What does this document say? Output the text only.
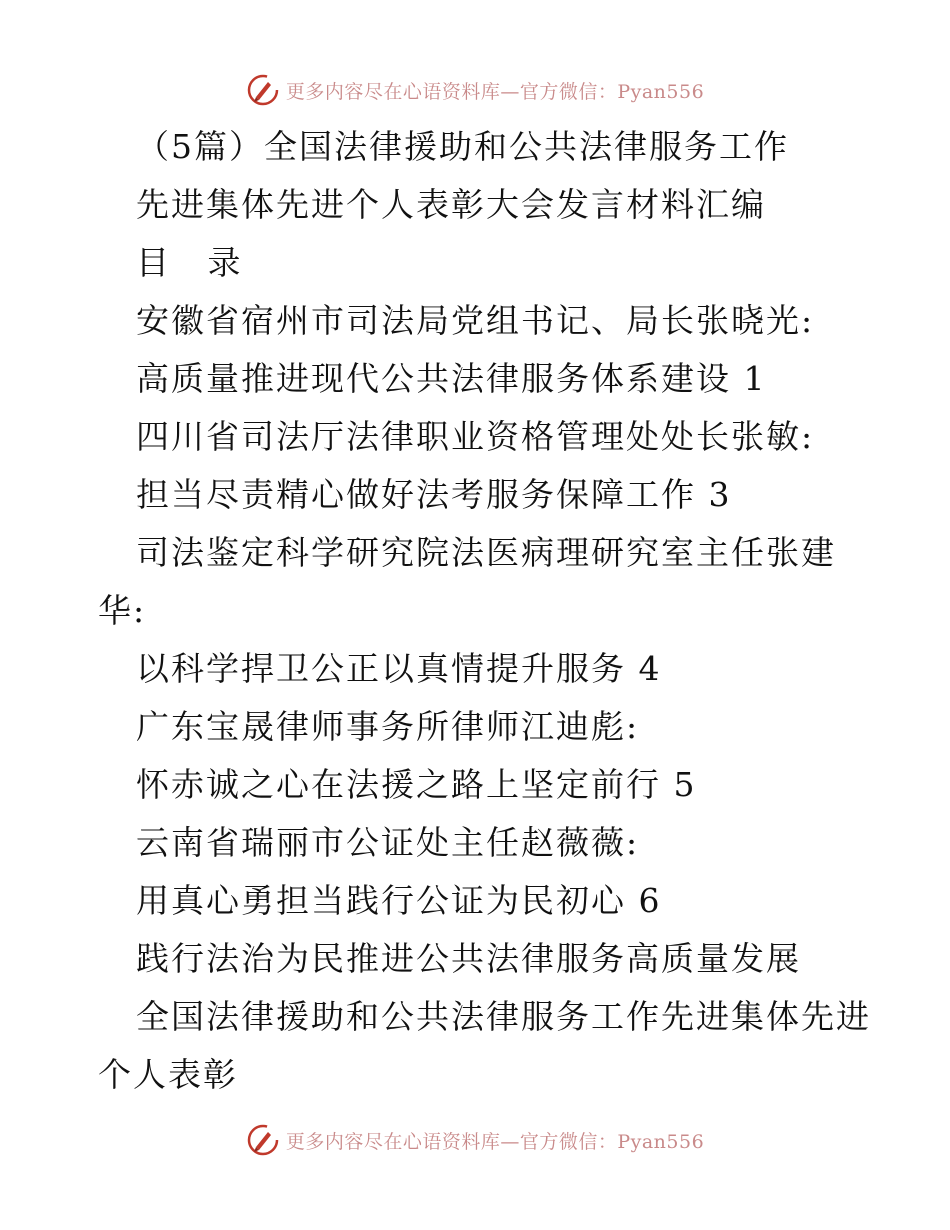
更多内容尽在心语资料库—官方微信：Pyan556
（5篇）全国法律援助和公共法律服务工作
先进集体先进个人表彰大会发言材料汇编
目 录
安徽省宿州市司法局党组书记、局长张晓光:
高质量推进现代公共法律服务体系建设 1
四川省司法厅法律职业资格管理处处长张敏:
担当尽责精心做好法考服务保障工作 3
司法鉴定科学研究院法医病理研究室主任张建
华:
以科学捍卫公正以真情提升服务 4
广东宝晟律师事务所律师江迪彪:
怀赤诚之心在法援之路上坚定前行 5
云南省瑞丽市公证处主任赵薇薇:
用真心勇担当践行公证为民初心 6
践行法治为民推进公共法律服务高质量发展
全国法律援助和公共法律服务工作先进集体先进
个人表彰
更多内容尽在心语资料库—官方微信：Pyan556
